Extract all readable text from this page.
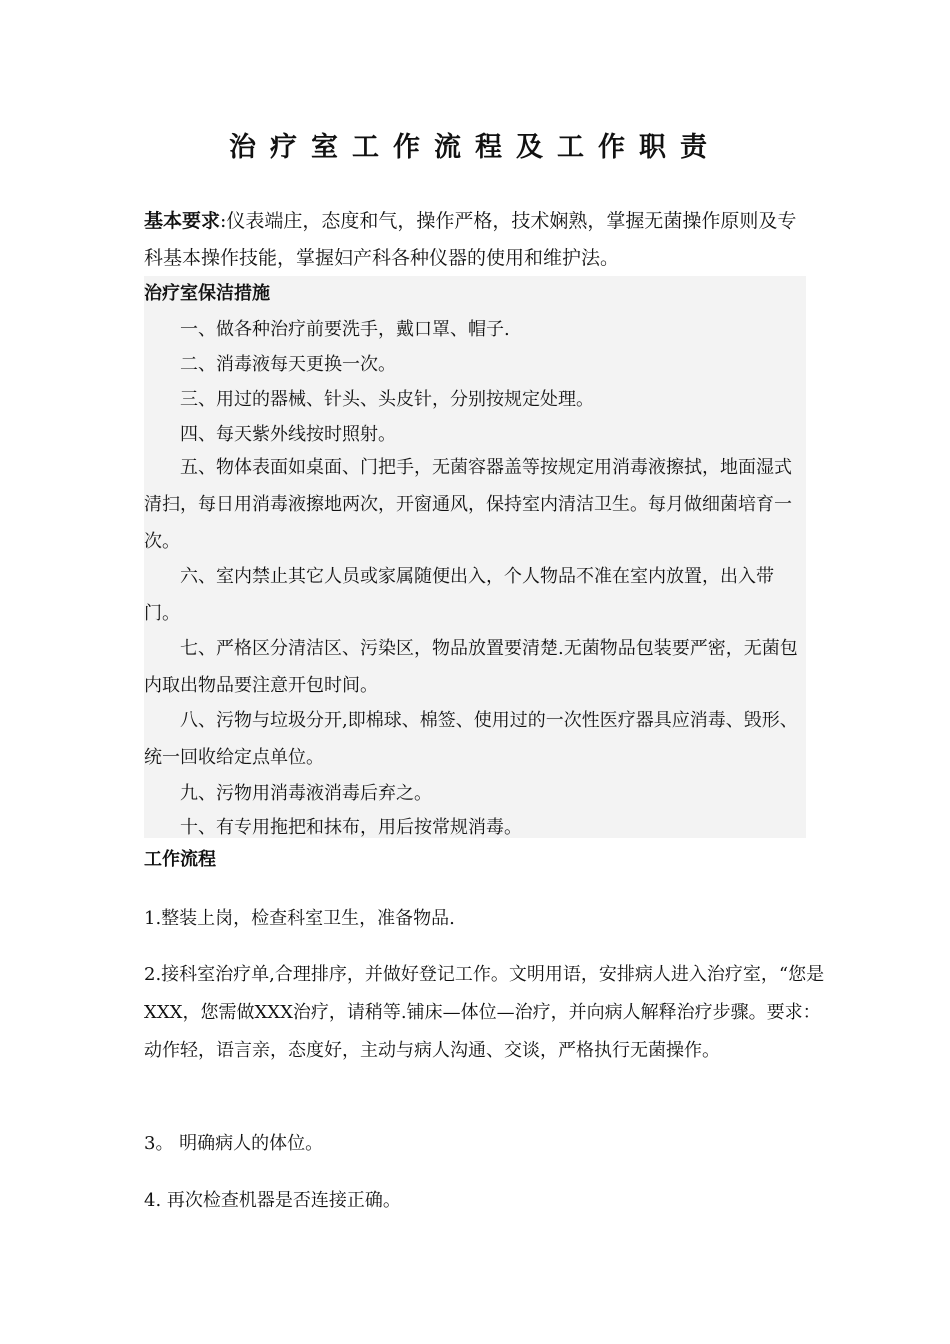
治疗室工作流程及工作职责
基本要求:仪表端庄，态度和气，操作严格，技术娴熟，掌握无菌操作原则及专科基本操作技能，掌握妇产科各种仪器的使用和维护法。
治疗室保洁措施
一、做各种治疗前要洗手，戴口罩、帽子.
二、消毒液每天更换一次。
三、用过的器械、针头、头皮针，分别按规定处理。
四、每天紫外线按时照射。
五、物体表面如桌面、门把手，无菌容器盖等按规定用消毒液擦拭，地面湿式清扫，每日用消毒液擦地两次，开窗通风，保持室内清洁卫生。每月做细菌培育一次。
六、室内禁止其它人员或家属随便出入，个人物品不准在室内放置，出入带门。
七、严格区分清洁区、污染区，物品放置要清楚.无菌物品包装要严密，无菌包内取出物品要注意开包时间。
八、污物与垃圾分开,即棉球、棉签、使用过的一次性医疗器具应消毒、毁形、统一回收给定点单位。
九、污物用消毒液消毒后弃之。
十、有专用拖把和抹布，用后按常规消毒。
工作流程
1.整装上岗，检查科室卫生，准备物品.
2.接科室治疗单,合理排序，并做好登记工作。文明用语，安排病人进入治疗室，“您是XXX，您需做XXX治疗，请稍等.铺床—体位—治疗，并向病人解释治疗步骤。要求：动作轻，语言亲，态度好，主动与病人沟通、交谈，严格执行无菌操作。
3。 明确病人的体位。
4. 再次检查机器是否连接正确。
